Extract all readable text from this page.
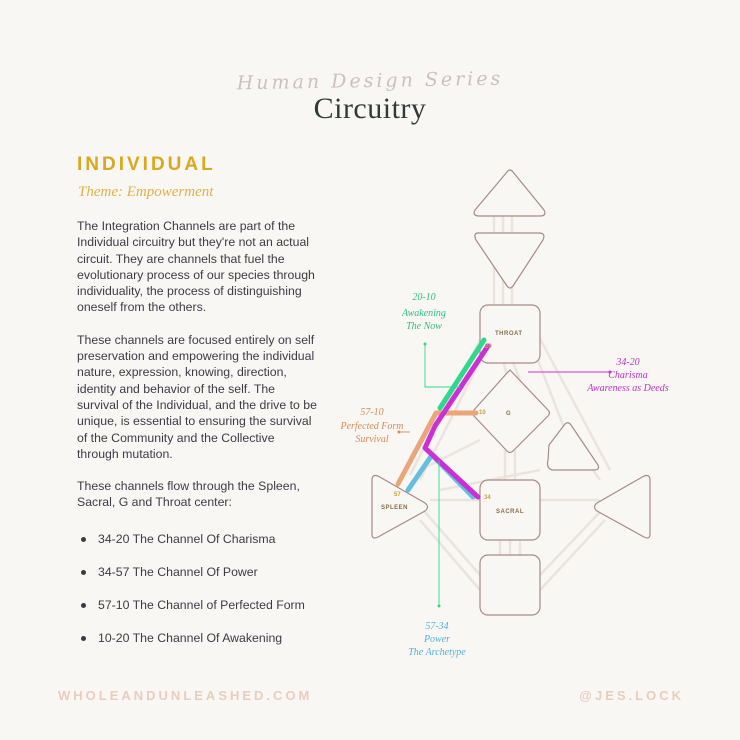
Human Design Series
Circuitry
INDIVIDUAL
Theme: Empowerment

The Integration Channels are part of the Individual circuitry but they're not an actual circuit. They are channels that fuel the evolutionary process of our species through individuality, the process of distinguishing oneself from the others.

These channels are focused entirely on self preservation and empowering the individual nature, expression, knowing, direction, identity and behavior of the self. The survival of the Individual, and the drive to be unique, is essential to ensuring the survival of the Community and the Collective through mutation.

These channels flow through the Spleen, Sacral, G and Throat center:

34-20 The Channel Of Charisma
34-57 The Channel Of Power
57-10 The Channel of Perfected Form
10-20 The Channel Of Awakening
THROAT
G
SPLEEN
SACRAL
20
10
57	34
20-10
Awakening
The Now
34-20
Charisma
Awareness as Deeds
57-10
Perfected Form
Survival
57-34
Power
The Archetype
WHOLEANDUNLEASHED.COM	@JES.LOCK
